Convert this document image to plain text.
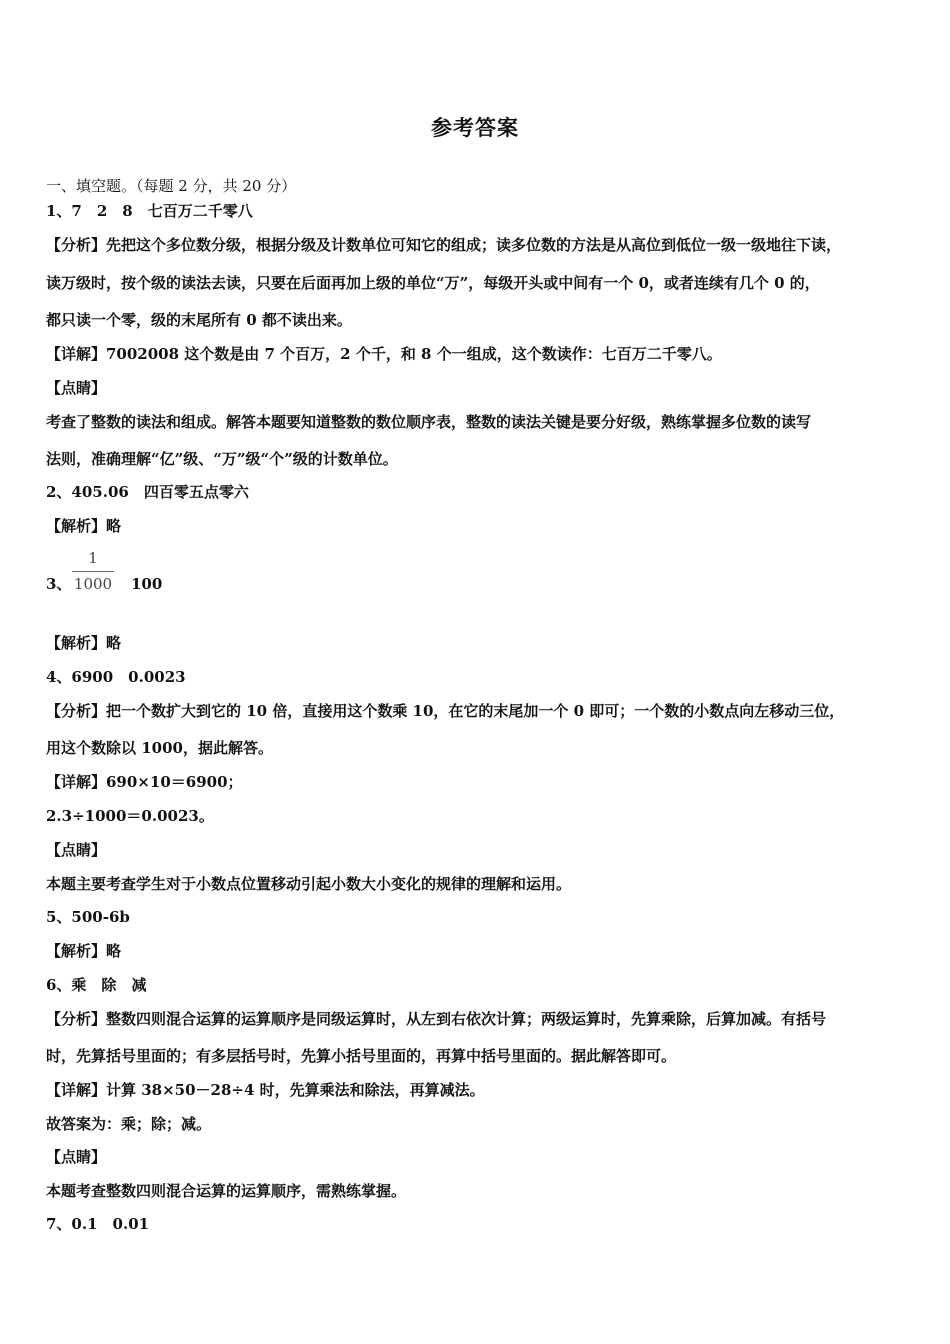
参考答案
一、填空题。（每题 2 分，共 20 分）
1、7　2　8　七百万二千零八
【分析】先把这个多位数分级，根据分级及计数单位可知它的组成；读多位数的方法是从高位到低位一级一级地往下读，
读万级时，按个级的读法去读，只要在后面再加上级的单位“万”，每级开头或中间有一个 0，或者连续有几个 0 的，
都只读一个零，级的末尾所有 0 都不读出来。
【详解】7002008 这个数是由 7 个百万，2 个千，和 8 个一组成，这个数读作：七百万二千零八。
【点睛】
考查了整数的读法和组成。解答本题要知道整数的数位顺序表，整数的读法关键是要分好级，熟练掌握多位数的读写
法则，准确理解“亿”级、“万”级“个”级的计数单位。
2、405.06　四百零五点零六
【解析】略
3、
1
1000 100
【解析】略
4、6900　0.0023
【分析】把一个数扩大到它的 10 倍，直接用这个数乘 10，在它的末尾加一个 0 即可；一个数的小数点向左移动三位，
用这个数除以 1000，据此解答。
【详解】690×10＝6900；
2.3÷1000＝0.0023。
【点睛】
本题主要考查学生对于小数点位置移动引起小数大小变化的规律的理解和运用。
5、500-6b
【解析】略
6、乘　除　减
【分析】整数四则混合运算的运算顺序是同级运算时，从左到右依次计算；两级运算时，先算乘除，后算加减。有括号
时，先算括号里面的；有多层括号时，先算小括号里面的，再算中括号里面的。据此解答即可。
【详解】计算 38×50－28÷4 时，先算乘法和除法，再算减法。
故答案为：乘；除；减。
【点睛】
本题考查整数四则混合运算的运算顺序，需熟练掌握。
7、0.1　0.01
